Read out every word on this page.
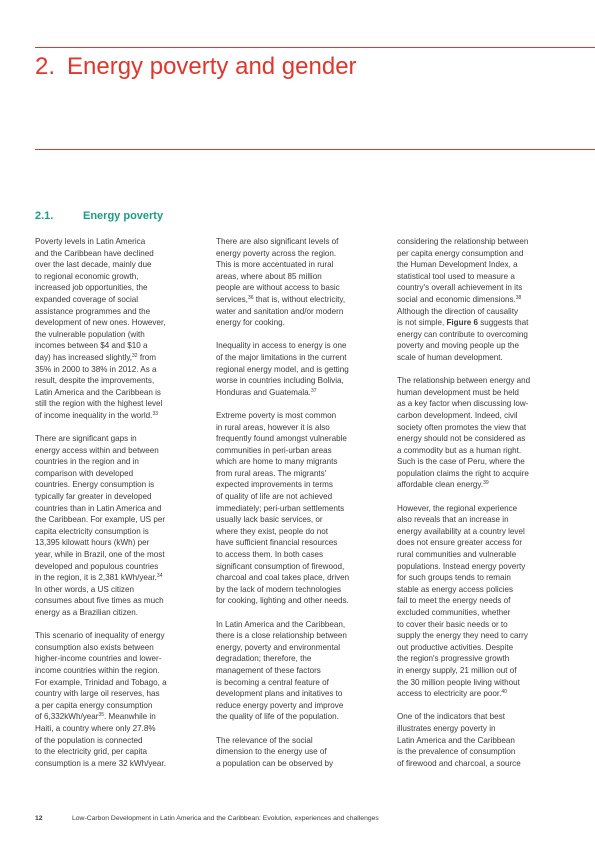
2. Energy poverty and gender
2.1.	Energy poverty

Poverty levels in Latin America
and the Caribbean have declined
over the last decade, mainly due
to regional economic growth,
increased job opportunities, the
expanded coverage of social
assistance programmes and the
development of new ones. However,
the vulnerable population (with
incomes between $4 and $10 a
day) has increased slightly,$^{32}$ from
35% in 2000 to 38% in 2012. As a
result, despite the improvements,
Latin America and the Caribbean is
still the region with the highest level
of income inequality in the world.$^{33}$

There are significant gaps in
energy access within and between
countries in the region and in
comparison with developed
countries. Energy consumption is
typically far greater in developed
countries than in Latin America and
the Caribbean. For example, US per
capita electricity consumption is
13,395 kilowatt hours (kWh) per
year, while in Brazil, one of the most
developed and populous countries
in the region, it is 2,381 kWh/year.$^{34}$
In other words, a US citizen
consumes about five times as much
energy as a Brazilian citizen.

This scenario of inequality of energy
consumption also exists between
higher-income countries and lower-
income countries within the region.
For example, Trinidad and Tobago, a
country with large oil reserves, has
a per capita energy consumption
of 6,332kWh/year$^{35}$. Meanwhile in
Haiti, a country where only 27.8%
of the population is connected
to the electricity grid, per capita
consumption is a mere 32 kWh/year.

There are also significant levels of
energy poverty across the region.
This is more accentuated in rural
areas, where about 85 million
people are without access to basic
services,$^{36}$ that is, without electricity,
water and sanitation and/or modern
energy for cooking.

Inequality in access to energy is one
of the major limitations in the current
regional energy model, and is getting
worse in countries including Bolivia,
Honduras and Guatemala.$^{37}$

Extreme poverty is most common
in rural areas, however it is also
frequently found amongst vulnerable
communities in peri-urban areas
which are home to many migrants
from rural areas. The migrants'
expected improvements in terms
of quality of life are not achieved
immediately; peri-urban settlements
usually lack basic services, or
where they exist, people do not
have sufficient financial resources
to access them. In both cases
significant consumption of firewood,
charcoal and coal takes place, driven
by the lack of modern technologies
for cooking, lighting and other needs.

In Latin America and the Caribbean,
there is a close relationship between
energy, poverty and environmental
degradation; therefore, the
management of these factors
is becoming a central feature of
development plans and initatives to
reduce energy poverty and improve
the quality of life of the population.

The relevance of the social
dimension to the energy use of
a population can be observed by

considering the relationship between
per capita energy consumption and
the Human Development Index, a
statistical tool used to measure a
country's overall achievement in its
social and economic dimensions.$^{38}$
Although the direction of causality
is not simple, Figure 6 suggests that
energy can contribute to overcoming
poverty and moving people up the
scale of human development.

The relationship between energy and
human development must be held
as a key factor when discussing low-
carbon development. Indeed, civil
society often promotes the view that
energy should not be considered as
a commodity but as a human right.
Such is the case of Peru, where the
population claims the right to acquire
affordable clean energy.$^{39}$

However, the regional experience
also reveals that an increase in
energy availability at a country level
does not ensure greater access for
rural communities and vulnerable
populations. Instead energy poverty
for such groups tends to remain
stable as energy access policies
fail to meet the energy needs of
excluded communities, whether
to cover their basic needs or to
supply the energy they need to carry
out productive activities. Despite
the region's progressive growth
in energy supply, 21 million out of
the 30 million people living without
access to electricity are poor.$^{40}$

One of the indicators that best
illustrates energy poverty in
Latin America and the Caribbean
is the prevalence of consumption
of firewood and charcoal, a source

12	Low-Carbon Development in Latin America and the Caribbean: Evolution, experiences and challenges
